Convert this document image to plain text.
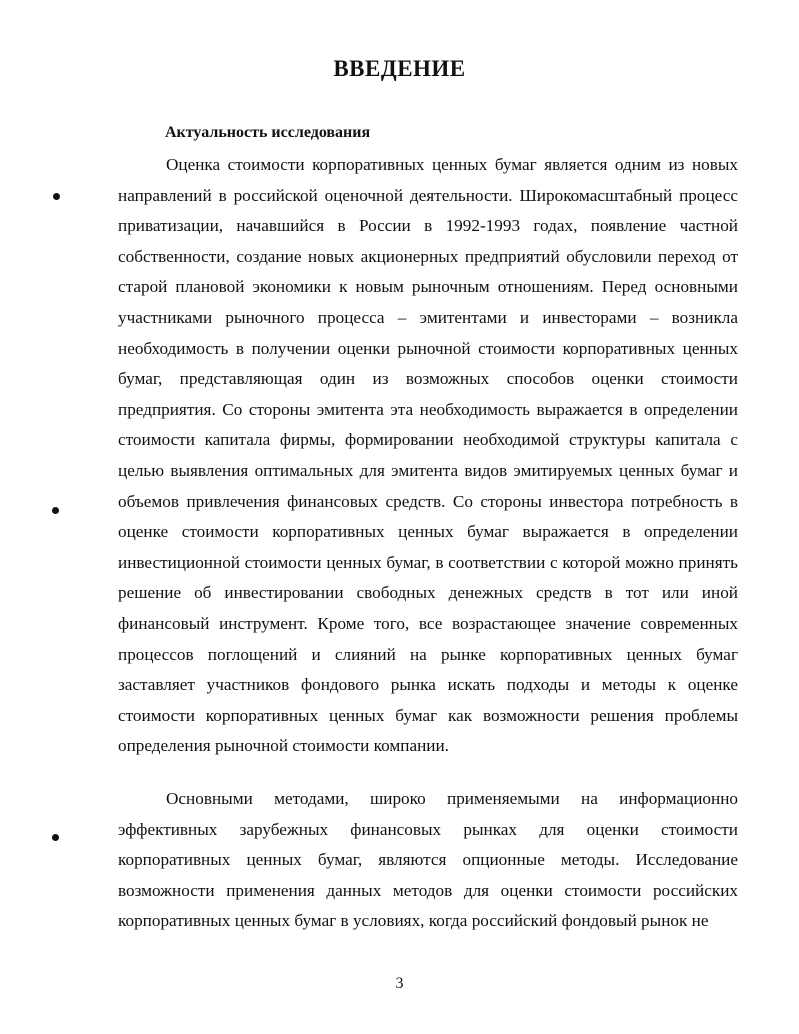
ВВЕДЕНИЕ
Актуальность исследования

Оценка стоимости корпоративных ценных бумаг является одним из новых направлений в российской оценочной деятельности. Широкомасштабный процесс приватизации, начавшийся в России в 1992-1993 годах, появление частной собственности, создание новых акционерных предприятий обусловили переход от старой плановой экономики к новым рыночным отношениям. Перед основными участниками рыночного процесса – эмитентами и инвесторами – возникла необходимость в получении оценки рыночной стоимости корпоративных ценных бумаг, представляющая один из возможных способов оценки стоимости предприятия. Со стороны эмитента эта необходимость выражается в определении стоимости капитала фирмы, формировании необходимой структуры капитала с целью выявления оптимальных для эмитента видов эмитируемых ценных бумаг и объемов привлечения финансовых средств. Со стороны инвестора потребность в оценке стоимости корпоративных ценных бумаг выражается в определении инвестиционной стоимости ценных бумаг, в соответствии с которой можно принять решение об инвестировании свободных денежных средств в тот или иной финансовый инструмент. Кроме того, все возрастающее значение современных процессов поглощений и слияний на рынке корпоративных ценных бумаг заставляет участников фондового рынка искать подходы и методы к оценке стоимости корпоративных ценных бумаг как возможности решения проблемы определения рыночной стоимости компании.

Основными методами, широко применяемыми на информационно эффективных зарубежных финансовых рынках для оценки стоимости корпоративных ценных бумаг, являются опционные методы. Исследование возможности применения данных методов для оценки стоимости российских корпоративных ценных бумаг в условиях, когда российский фондовый рынок не

3
